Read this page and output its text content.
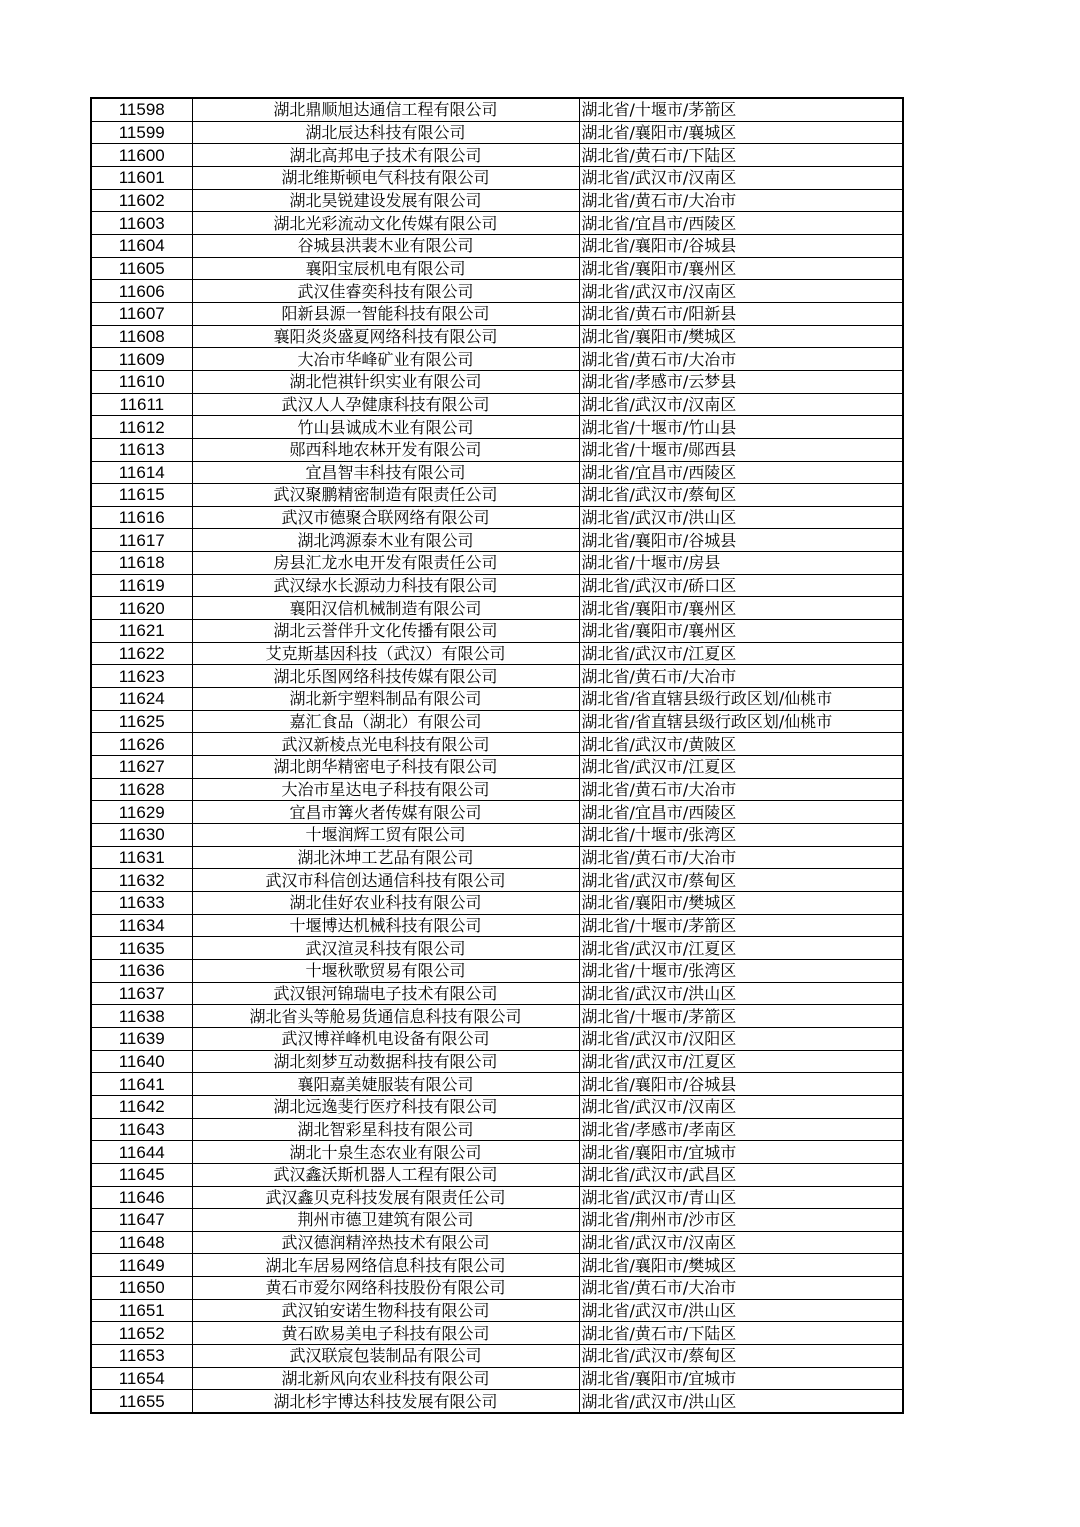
11598	湖北鼎顺旭达通信工程有限公司	湖北省/十堰市/茅箭区
11599	湖北辰达科技有限公司	湖北省/襄阳市/襄城区
11600	湖北高邦电子技术有限公司	湖北省/黄石市/下陆区
11601	湖北维斯顿电气科技有限公司	湖北省/武汉市/汉南区
11602	湖北昊锐建设发展有限公司	湖北省/黄石市/大冶市
11603	湖北光彩流动文化传媒有限公司	湖北省/宜昌市/西陵区
11604	谷城县洪裴木业有限公司	湖北省/襄阳市/谷城县
11605	襄阳宝辰机电有限公司	湖北省/襄阳市/襄州区
11606	武汉佳睿奕科技有限公司	湖北省/武汉市/汉南区
11607	阳新县源一智能科技有限公司	湖北省/黄石市/阳新县
11608	襄阳炎炎盛夏网络科技有限公司	湖北省/襄阳市/樊城区
11609	大冶市华峰矿业有限公司	湖北省/黄石市/大冶市
11610	湖北恺祺针织实业有限公司	湖北省/孝感市/云梦县
11611	武汉人人孕健康科技有限公司	湖北省/武汉市/汉南区
11612	竹山县诚成木业有限公司	湖北省/十堰市/竹山县
11613	郧西科地农林开发有限公司	湖北省/十堰市/郧西县
11614	宜昌智丰科技有限公司	湖北省/宜昌市/西陵区
11615	武汉聚鹏精密制造有限责任公司	湖北省/武汉市/蔡甸区
11616	武汉市德聚合联网络有限公司	湖北省/武汉市/洪山区
11617	湖北鸿源泰木业有限公司	湖北省/襄阳市/谷城县
11618	房县汇龙水电开发有限责任公司	湖北省/十堰市/房县
11619	武汉绿水长源动力科技有限公司	湖北省/武汉市/硚口区
11620	襄阳汉信机械制造有限公司	湖北省/襄阳市/襄州区
11621	湖北云誉伴升文化传播有限公司	湖北省/襄阳市/襄州区
11622	艾克斯基因科技（武汉）有限公司	湖北省/武汉市/江夏区
11623	湖北乐图网络科技传媒有限公司	湖北省/黄石市/大冶市
11624	湖北新宇塑料制品有限公司	湖北省/省直辖县级行政区划/仙桃市
11625	嘉汇食品（湖北）有限公司	湖北省/省直辖县级行政区划/仙桃市
11626	武汉新棱点光电科技有限公司	湖北省/武汉市/黄陂区
11627	湖北朗华精密电子科技有限公司	湖北省/武汉市/江夏区
11628	大冶市星达电子科技有限公司	湖北省/黄石市/大冶市
11629	宜昌市篝火者传媒有限公司	湖北省/宜昌市/西陵区
11630	十堰润辉工贸有限公司	湖北省/十堰市/张湾区
11631	湖北沐坤工艺品有限公司	湖北省/黄石市/大冶市
11632	武汉市科信创达通信科技有限公司	湖北省/武汉市/蔡甸区
11633	湖北佳好农业科技有限公司	湖北省/襄阳市/樊城区
11634	十堰博达机械科技有限公司	湖北省/十堰市/茅箭区
11635	武汉渲灵科技有限公司	湖北省/武汉市/江夏区
11636	十堰秋歌贸易有限公司	湖北省/十堰市/张湾区
11637	武汉银河锦瑞电子技术有限公司	湖北省/武汉市/洪山区
11638	湖北省头等舱易货通信息科技有限公司	湖北省/十堰市/茅箭区
11639	武汉博祥峰机电设备有限公司	湖北省/武汉市/汉阳区
11640	湖北刻梦互动数据科技有限公司	湖北省/武汉市/江夏区
11641	襄阳嘉美婕服装有限公司	湖北省/襄阳市/谷城县
11642	湖北远逸斐行医疗科技有限公司	湖北省/武汉市/汉南区
11643	湖北智彩星科技有限公司	湖北省/孝感市/孝南区
11644	湖北十泉生态农业有限公司	湖北省/襄阳市/宜城市
11645	武汉鑫沃斯机器人工程有限公司	湖北省/武汉市/武昌区
11646	武汉鑫贝克科技发展有限责任公司	湖北省/武汉市/青山区
11647	荆州市德卫建筑有限公司	湖北省/荆州市/沙市区
11648	武汉德润精淬热技术有限公司	湖北省/武汉市/汉南区
11649	湖北车居易网络信息科技有限公司	湖北省/襄阳市/樊城区
11650	黄石市爱尔网络科技股份有限公司	湖北省/黄石市/大冶市
11651	武汉铂安诺生物科技有限公司	湖北省/武汉市/洪山区
11652	黄石欧易美电子科技有限公司	湖北省/黄石市/下陆区
11653	武汉联宸包装制品有限公司	湖北省/武汉市/蔡甸区
11654	湖北新风向农业科技有限公司	湖北省/襄阳市/宜城市
11655	湖北杉宇博达科技发展有限公司	湖北省/武汉市/洪山区
